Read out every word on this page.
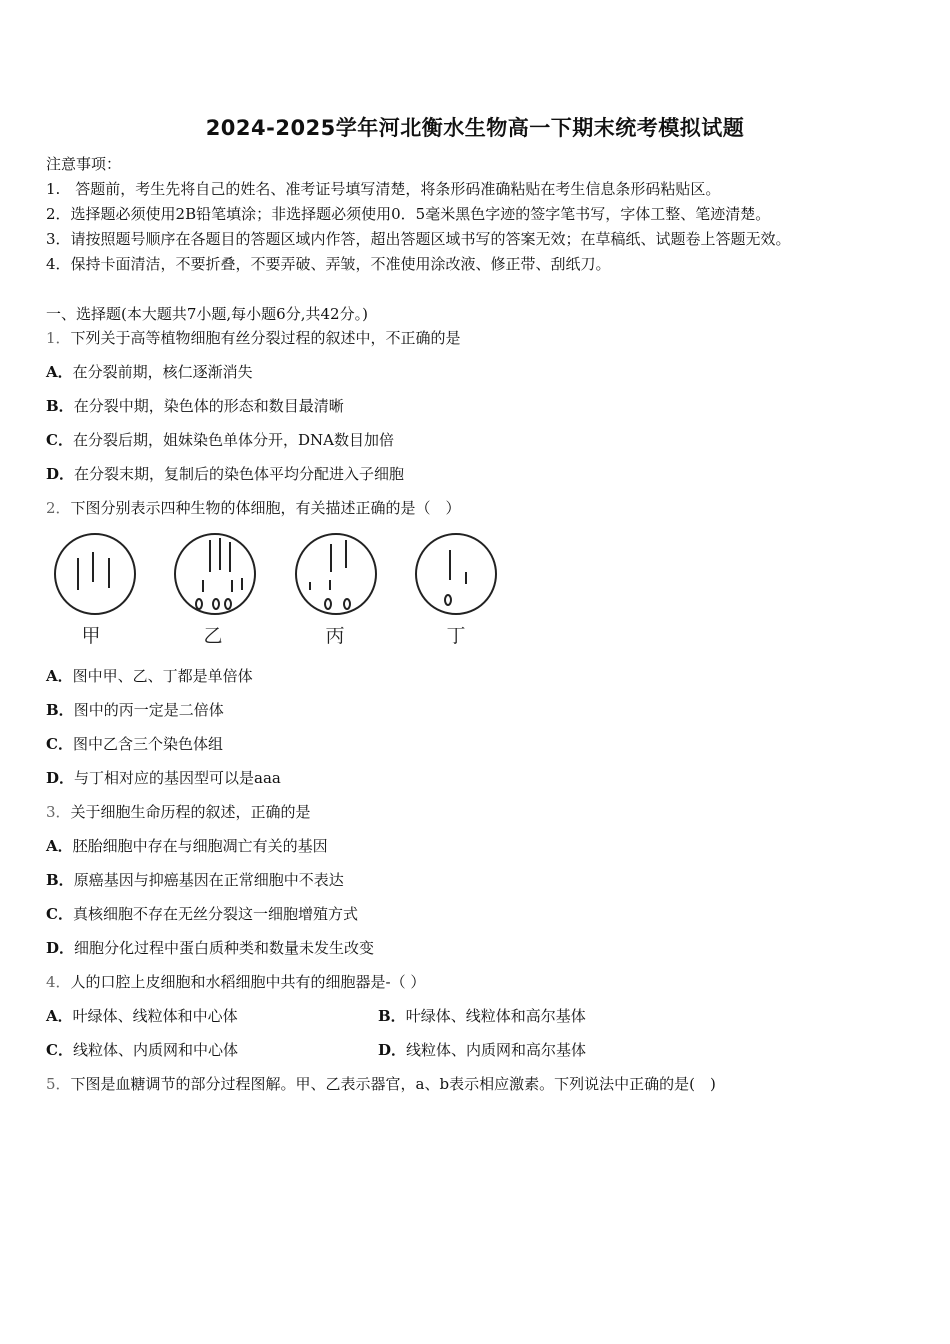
2024-2025学年河北衡水生物高一下期末统考模拟试题
注意事项：
1.　答题前，考生先将自己的姓名、准考证号填写清楚，将条形码准确粘贴在考生信息条形码粘贴区。
2．选择题必须使用2B铅笔填涂；非选择题必须使用0．5毫米黑色字迹的签字笔书写，字体工整、笔迹清楚。
3．请按照题号顺序在各题目的答题区域内作答，超出答题区域书写的答案无效；在草稿纸、试题卷上答题无效。
4．保持卡面清洁，不要折叠，不要弄破、弄皱，不准使用涂改液、修正带、刮纸刀。
一、选择题(本大题共7小题,每小题6分,共42分。)
1．下列关于高等植物细胞有丝分裂过程的叙述中，不正确的是
A．在分裂前期，核仁逐渐消失
B．在分裂中期，染色体的形态和数目最清晰
C．在分裂后期，姐妹染色单体分开，DNA数目加倍
D．在分裂末期，复制后的染色体平均分配进入子细胞
2．下图分别表示四种生物的体细胞，有关描述正确的是（　）
甲	乙	丙	丁
A．图中甲、乙、丁都是单倍体
B．图中的丙一定是二倍体
C．图中乙含三个染色体组
D．与丁相对应的基因型可以是aaa
3．关于细胞生命历程的叙述，正确的是
A．胚胎细胞中存在与细胞凋亡有关的基因
B．原癌基因与抑癌基因在正常细胞中不表达
C．真核细胞不存在无丝分裂这一细胞增殖方式
D．细胞分化过程中蛋白质种类和数量未发生改变
4．人的口腔上皮细胞和水稻细胞中共有的细胞器是-（ ）
A．叶绿体、线粒体和中心体	B．叶绿体、线粒体和高尔基体
C．线粒体、内质网和中心体	D．线粒体、内质网和高尔基体
5．下图是血糖调节的部分过程图解。甲、乙表示器官，a、b表示相应激素。下列说法中正确的是(　)
